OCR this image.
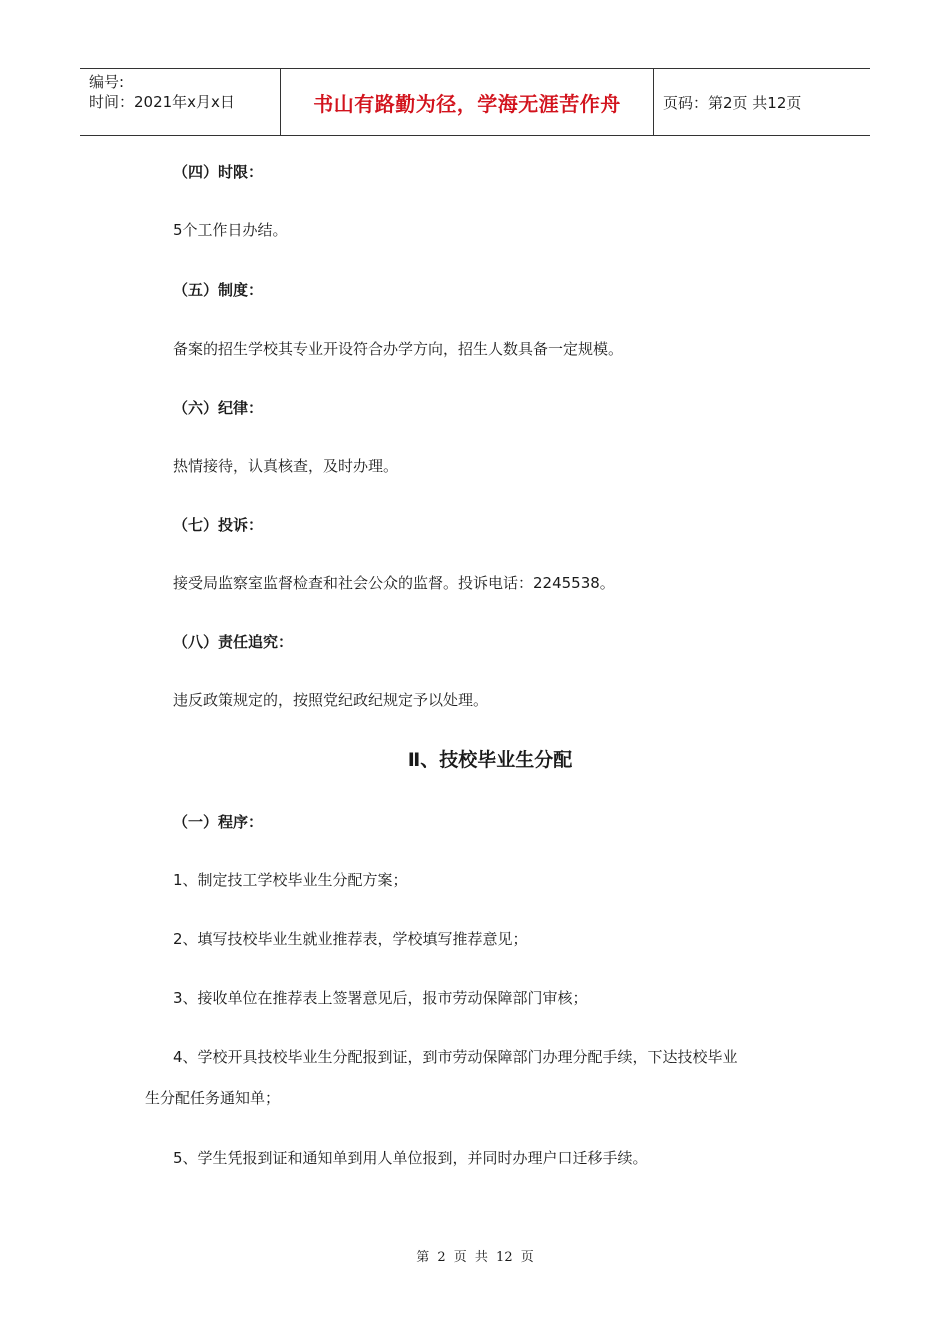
编号:
时间：2021年x月x日	书山有路勤为径，学海无涯苦作舟	页码：第2页 共12页
（四）时限：
5个工作日办结。
（五）制度：
备案的招生学校其专业开设符合办学方向，招生人数具备一定规模。
（六）纪律：
热情接待，认真核查，及时办理。
（七）投诉：
接受局监察室监督检查和社会公众的监督。投诉电话：2245538。
（八）责任追究：
违反政策规定的，按照党纪政纪规定予以处理。
Ⅱ、技校毕业生分配
（一）程序：
1、制定技工学校毕业生分配方案；
2、填写技校毕业生就业推荐表，学校填写推荐意见；
3、接收单位在推荐表上签署意见后，报市劳动保障部门审核；
4、学校开具技校毕业生分配报到证，到市劳动保障部门办理分配手续，下达技校毕业
生分配任务通知单；
5、学生凭报到证和通知单到用人单位报到，并同时办理户口迁移手续。
第 2 页 共 12 页
